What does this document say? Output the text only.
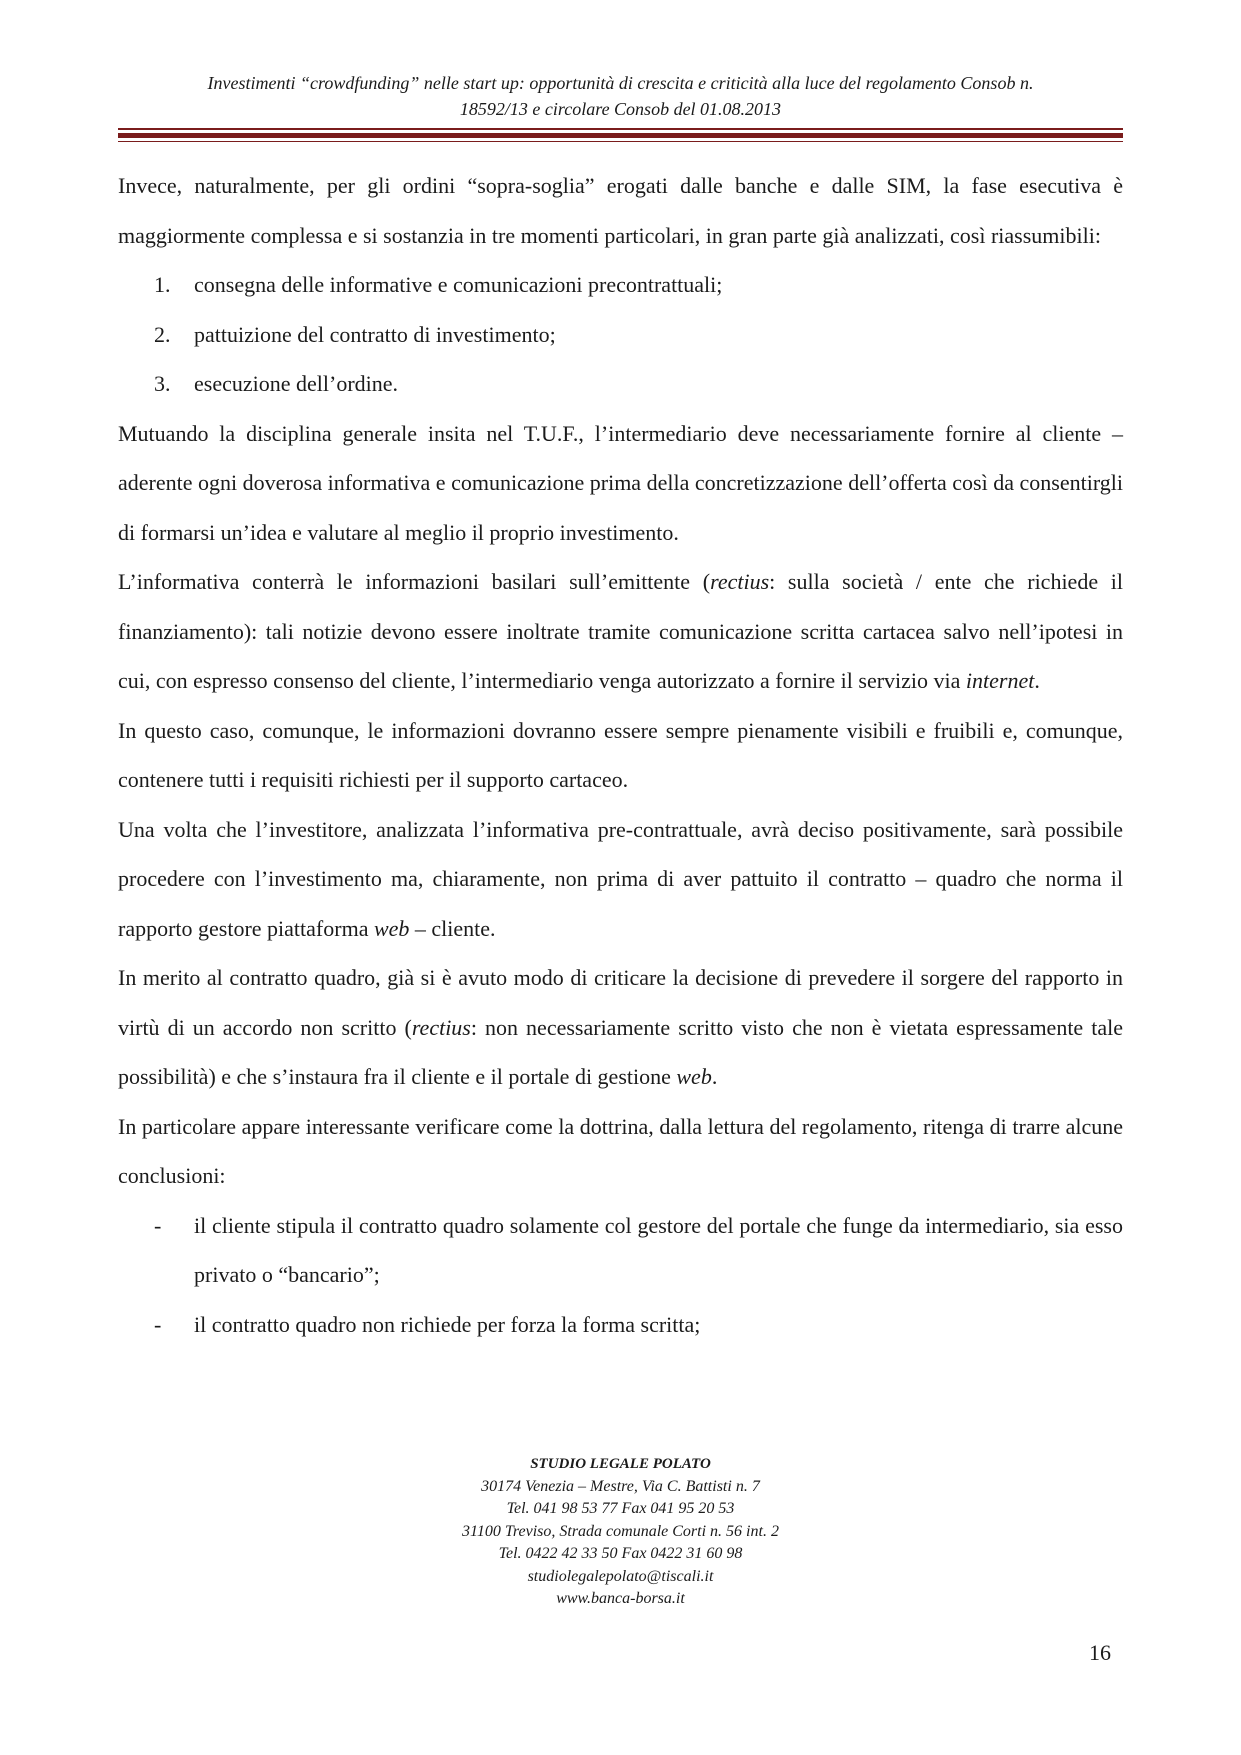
Investimenti “crowdfunding” nelle start up: opportunità di crescita e criticità alla luce del regolamento Consob n.
18592/13 e circolare Consob del 01.08.2013

Invece, naturalmente, per gli ordini “sopra-soglia” erogati dalle banche e dalle SIM, la fase esecutiva è maggiormente complessa e si sostanzia in tre momenti particolari, in gran parte già analizzati, così riassumibili:

1. consegna delle informative e comunicazioni precontrattuali;
2. pattuizione del contratto di investimento;
3. esecuzione dell’ordine.

Mutuando la disciplina generale insita nel T.U.F., l’intermediario deve necessariamente fornire al cliente – aderente ogni doverosa informativa e comunicazione prima della concretizzazione dell’offerta così da consentirgli di formarsi un’idea e valutare al meglio il proprio investimento.

L’informativa conterrà le informazioni basilari sull’emittente (rectius: sulla società / ente che richiede il finanziamento): tali notizie devono essere inoltrate tramite comunicazione scritta cartacea salvo nell’ipotesi in cui, con espresso consenso del cliente, l’intermediario venga autorizzato a fornire il servizio via internet.

In questo caso, comunque, le informazioni dovranno essere sempre pienamente visibili e fruibili e, comunque, contenere tutti i requisiti richiesti per il supporto cartaceo.

Una volta che l’investitore, analizzata l’informativa pre-contrattuale, avrà deciso positivamente, sarà possibile procedere con l’investimento ma, chiaramente, non prima di aver pattuito il contratto – quadro che norma il rapporto gestore piattaforma web – cliente.

In merito al contratto quadro, già si è avuto modo di criticare la decisione di prevedere il sorgere del rapporto in virtù di un accordo non scritto (rectius: non necessariamente scritto visto che non è vietata espressamente tale possibilità) e che s’instaura fra il cliente e il portale di gestione web.

In particolare appare interessante verificare come la dottrina, dalla lettura del regolamento, ritenga di trarre alcune conclusioni:

- il cliente stipula il contratto quadro solamente col gestore del portale che funge da intermediario, sia esso privato o “bancario”;
- il contratto quadro non richiede per forza la forma scritta;
STUDIO LEGALE POLATO
30174 Venezia – Mestre, Via C. Battisti n. 7
Tel. 041 98 53 77 Fax 041 95 20 53
31100 Treviso, Strada comunale Corti n. 56 int. 2
Tel. 0422 42 33 50 Fax 0422 31 60 98
studiolegalepolato@tiscali.it
www.banca-borsa.it
16
